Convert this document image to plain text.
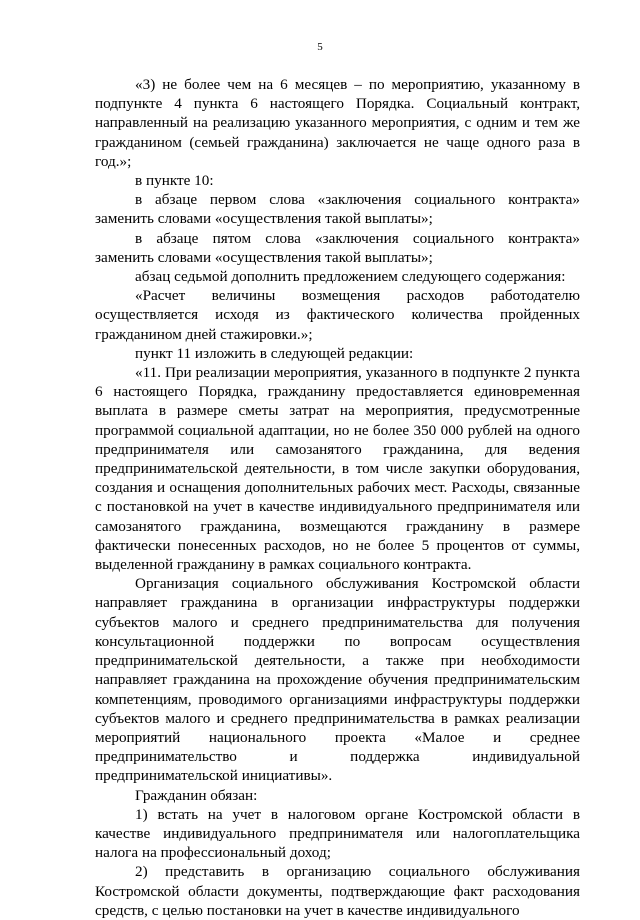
5

«3) не более чем на 6 месяцев – по мероприятию, указанному в подпункте 4 пункта 6 настоящего Порядка. Социальный контракт, направленный на реализацию указанного мероприятия, с одним и тем же гражданином (семьей гражданина) заключается не чаще одного раза в год.»;

в пункте 10:

в абзаце первом слова «заключения социального контракта» заменить словами «осуществления такой выплаты»;

в абзаце пятом слова «заключения социального контракта» заменить словами «осуществления такой выплаты»;

абзац седьмой дополнить предложением следующего содержания:

«Расчет величины возмещения расходов работодателю осуществляется исходя из фактического количества пройденных гражданином дней стажировки.»;

пункт 11 изложить в следующей редакции:

«11. При реализации мероприятия, указанного в подпункте 2 пункта 6 настоящего Порядка, гражданину предоставляется единовременная выплата в размере сметы затрат на мероприятия, предусмотренные программой социальной адаптации, но не более 350 000 рублей на одного предпринимателя или самозанятого гражданина, для ведения предпринимательской деятельности, в том числе закупки оборудования, создания и оснащения дополнительных рабочих мест. Расходы, связанные с постановкой на учет в качестве индивидуального предпринимателя или самозанятого гражданина, возмещаются гражданину в размере фактически понесенных расходов, но не более 5 процентов от суммы, выделенной гражданину в рамках социального контракта.

Организация социального обслуживания Костромской области направляет гражданина в организации инфраструктуры поддержки субъектов малого и среднего предпринимательства для получения консультационной поддержки по вопросам осуществления предпринимательской деятельности, а также при необходимости направляет гражданина на прохождение обучения предпринимательским компетенциям, проводимого организациями инфраструктуры поддержки субъектов малого и среднего предпринимательства в рамках реализации мероприятий национального проекта «Малое и среднее предпринимательство и поддержка индивидуальной предпринимательской инициативы».

Гражданин обязан:

1) встать на учет в налоговом органе Костромской области в качестве индивидуального предпринимателя или налогоплательщика налога на профессиональный доход;

2) представить в организацию социального обслуживания Костромской области документы, подтверждающие факт расходования средств, с целью постановки на учет в качестве индивидуального
